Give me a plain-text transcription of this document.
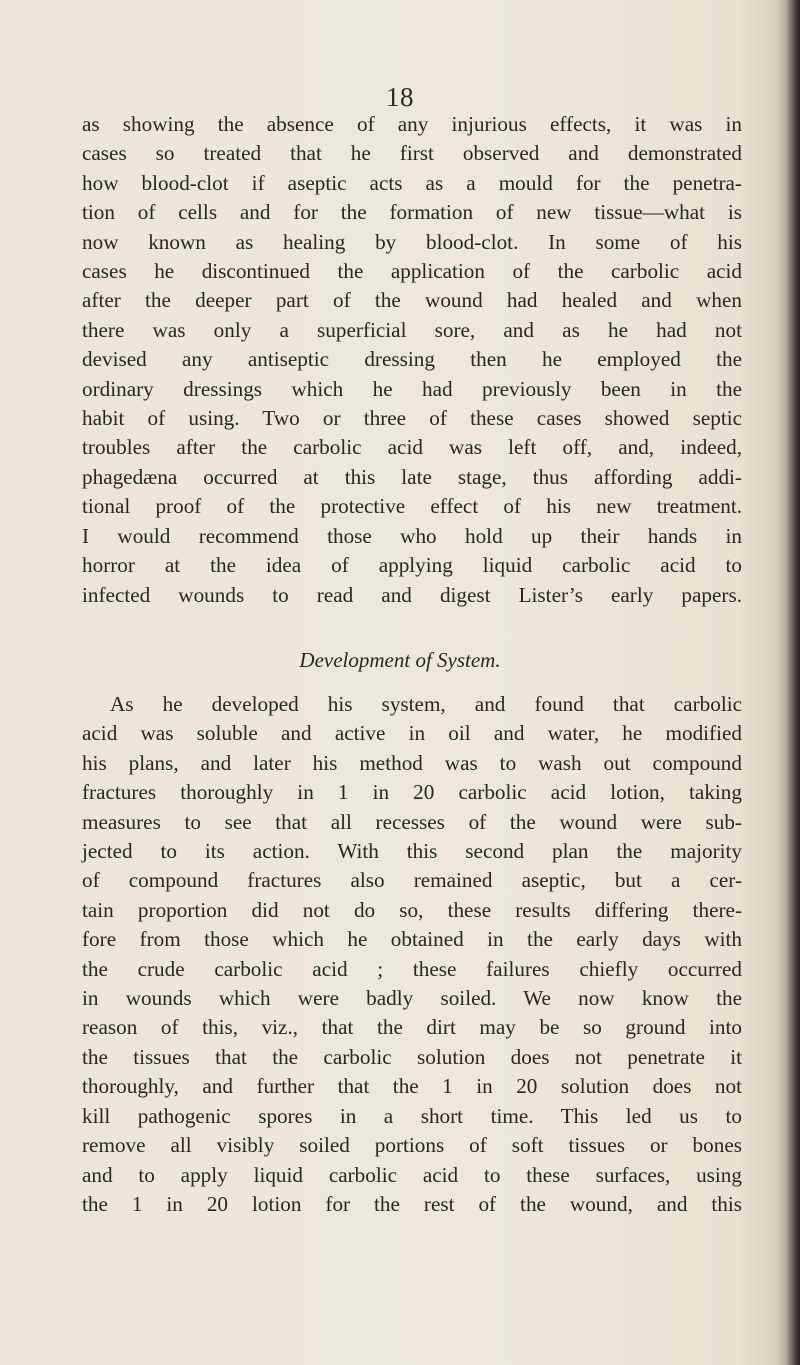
18
as showing the absence of any injurious effects, it was in
cases so treated that he first observed and demonstrated
how blood-clot if aseptic acts as a mould for the penetra-
tion of cells and for the formation of new tissue—what is
now known as healing by blood-clot. In some of his
cases he discontinued the application of the carbolic acid
after the deeper part of the wound had healed and when
there was only a superficial sore, and as he had not
devised any antiseptic dressing then he employed the
ordinary dressings which he had previously been in the
habit of using. Two or three of these cases showed septic
troubles after the carbolic acid was left off, and, indeed,
phagedæna occurred at this late stage, thus affording addi-
tional proof of the protective effect of his new treatment.
I would recommend those who hold up their hands in
horror at the idea of applying liquid carbolic acid to
infected wounds to read and digest Lister’s early papers.
Development of System.
As he developed his system, and found that carbolic
acid was soluble and active in oil and water, he modified
his plans, and later his method was to wash out compound
fractures thoroughly in 1 in 20 carbolic acid lotion, taking
measures to see that all recesses of the wound were sub-
jected to its action. With this second plan the majority
of compound fractures also remained aseptic, but a cer-
tain proportion did not do so, these results differing there-
fore from those which he obtained in the early days with
the crude carbolic acid ; these failures chiefly occurred
in wounds which were badly soiled. We now know the
reason of this, viz., that the dirt may be so ground into
the tissues that the carbolic solution does not penetrate it
thoroughly, and further that the 1 in 20 solution does not
kill pathogenic spores in a short time. This led us to
remove all visibly soiled portions of soft tissues or bones
and to apply liquid carbolic acid to these surfaces, using
the 1 in 20 lotion for the rest of the wound, and this
